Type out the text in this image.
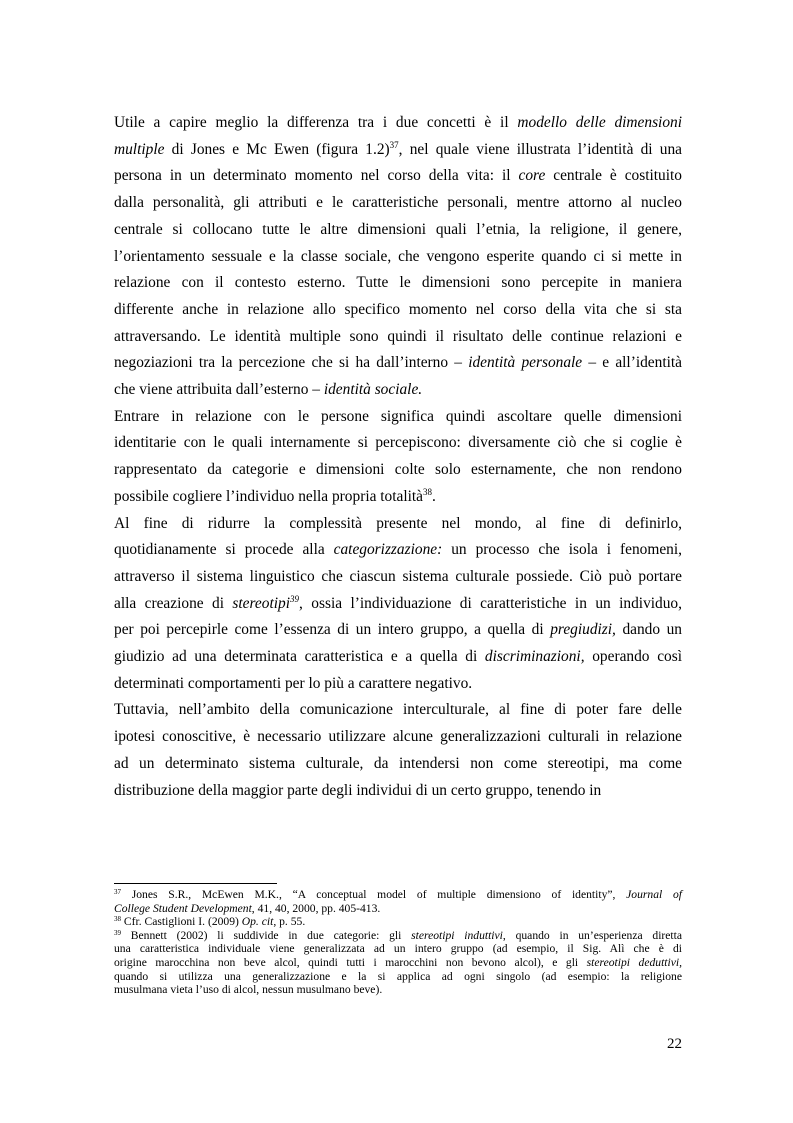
Utile a capire meglio la differenza tra i due concetti è il modello delle dimensioni
multiple di Jones e Mc Ewen (figura 1.2)$^{37}$, nel quale viene illustrata l’identità di una
persona in un determinato momento nel corso della vita: il core centrale è costituito
dalla personalità, gli attributi e le caratteristiche personali, mentre attorno al nucleo
centrale si collocano tutte le altre dimensioni quali l’etnia, la religione, il genere,
l’orientamento sessuale e la classe sociale, che vengono esperite quando ci si mette in
relazione con il contesto esterno. Tutte le dimensioni sono percepite in maniera
differente anche in relazione allo specifico momento nel corso della vita che si sta
attraversando. Le identità multiple sono quindi il risultato delle continue relazioni e
negoziazioni tra la percezione che si ha dall’interno – identità personale – e all’identità
che viene attribuita dall’esterno – identità sociale.

Entrare in relazione con le persone significa quindi ascoltare quelle dimensioni
identitarie con le quali internamente si percepiscono: diversamente ciò che si coglie è
rappresentato da categorie e dimensioni colte solo esternamente, che non rendono
possibile cogliere l’individuo nella propria totalità$^{38}$.

Al fine di ridurre la complessità presente nel mondo, al fine di definirlo,
quotidianamente si procede alla categorizzazione: un processo che isola i fenomeni,
attraverso il sistema linguistico che ciascun sistema culturale possiede. Ciò può portare
alla creazione di stereotipi$^{39}$, ossia l’individuazione di caratteristiche in un individuo,
per poi percepirle come l’essenza di un intero gruppo, a quella di pregiudizi, dando un
giudizio ad una determinata caratteristica e a quella di discriminazioni, operando così
determinati comportamenti per lo più a carattere negativo.

Tuttavia, nell’ambito della comunicazione interculturale, al fine di poter fare delle
ipotesi conoscitive, è necessario utilizzare alcune generalizzazioni culturali in relazione
ad un determinato sistema culturale, da intendersi non come stereotipi, ma come
distribuzione della maggior parte degli individui di un certo gruppo, tenendo in

$^{37}$ Jones S.R., McEwen M.K., “A conceptual model of multiple dimensiono of identity”, Journal of
College Student Development, 41, 40, 2000, pp. 405-413.

$^{38}$ Cfr. Castiglioni I. (2009) Op. cit, p. 55.

$^{39}$ Bennett (2002) li suddivide in due categorie: gli stereotipi induttivi, quando in un’esperienza diretta
una caratteristica individuale viene generalizzata ad un intero gruppo (ad esempio, il Sig. Alì che è di
origine marocchina non beve alcol, quindi tutti i marocchini non bevono alcol), e gli stereotipi deduttivi,
quando si utilizza una generalizzazione e la si applica ad ogni singolo (ad esempio: la religione
musulmana vieta l’uso di alcol, nessun musulmano beve).

22
